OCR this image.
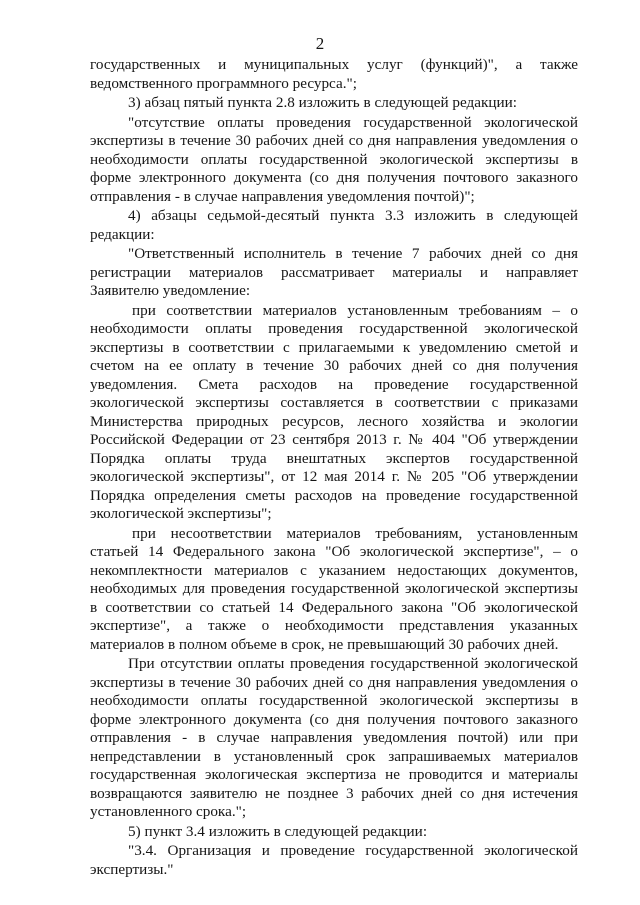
2

государственных и муниципальных услуг (функций)", а также ведомственного программного ресурса.";

3) абзац пятый пункта 2.8 изложить в следующей редакции:

"отсутствие оплаты проведения государственной экологической экспертизы в течение 30 рабочих дней со дня направления уведомления о необходимости оплаты государственной экологической экспертизы в форме электронного документа (со дня получения почтового заказного отправления - в случае направления уведомления почтой)";

4) абзацы седьмой-десятый пункта 3.3 изложить в следующей редакции:

"Ответственный исполнитель в течение 7 рабочих дней со дня регистрации материалов рассматривает материалы и направляет Заявителю уведомление:

при соответствии материалов установленным требованиям – о необходимости оплаты проведения государственной экологической экспертизы в соответствии с прилагаемыми к уведомлению сметой и счетом на ее оплату в течение 30 рабочих дней со дня получения уведомления. Смета расходов на проведение государственной экологической экспертизы составляется в соответствии с приказами Министерства природных ресурсов, лесного хозяйства и экологии Российской Федерации от 23 сентября 2013 г. № 404 "Об утверждении Порядка оплаты труда внештатных экспертов государственной экологической экспертизы", от 12 мая 2014 г. № 205 "Об утверждении Порядка определения сметы расходов на проведение государственной экологической экспертизы";

при несоответствии материалов требованиям, установленным статьей 14 Федерального закона "Об экологической экспертизе", – о некомплектности материалов с указанием недостающих документов, необходимых для проведения государственной экологической экспертизы в соответствии со статьей 14 Федерального закона "Об экологической экспертизе", а также о необходимости представления указанных материалов в полном объеме в срок, не превышающий 30 рабочих дней.

При отсутствии оплаты проведения государственной экологической экспертизы в течение 30 рабочих дней со дня направления уведомления о необходимости оплаты государственной экологической экспертизы в форме электронного документа (со дня получения почтового заказного отправления - в случае направления уведомления почтой) или при непредставлении в установленный срок запрашиваемых материалов государственная экологическая экспертиза не проводится и материалы возвращаются заявителю не позднее 3 рабочих дней со дня истечения установленного срока.";

5) пункт 3.4 изложить в следующей редакции:

"3.4. Организация и проведение государственной экологической экспертизы."
